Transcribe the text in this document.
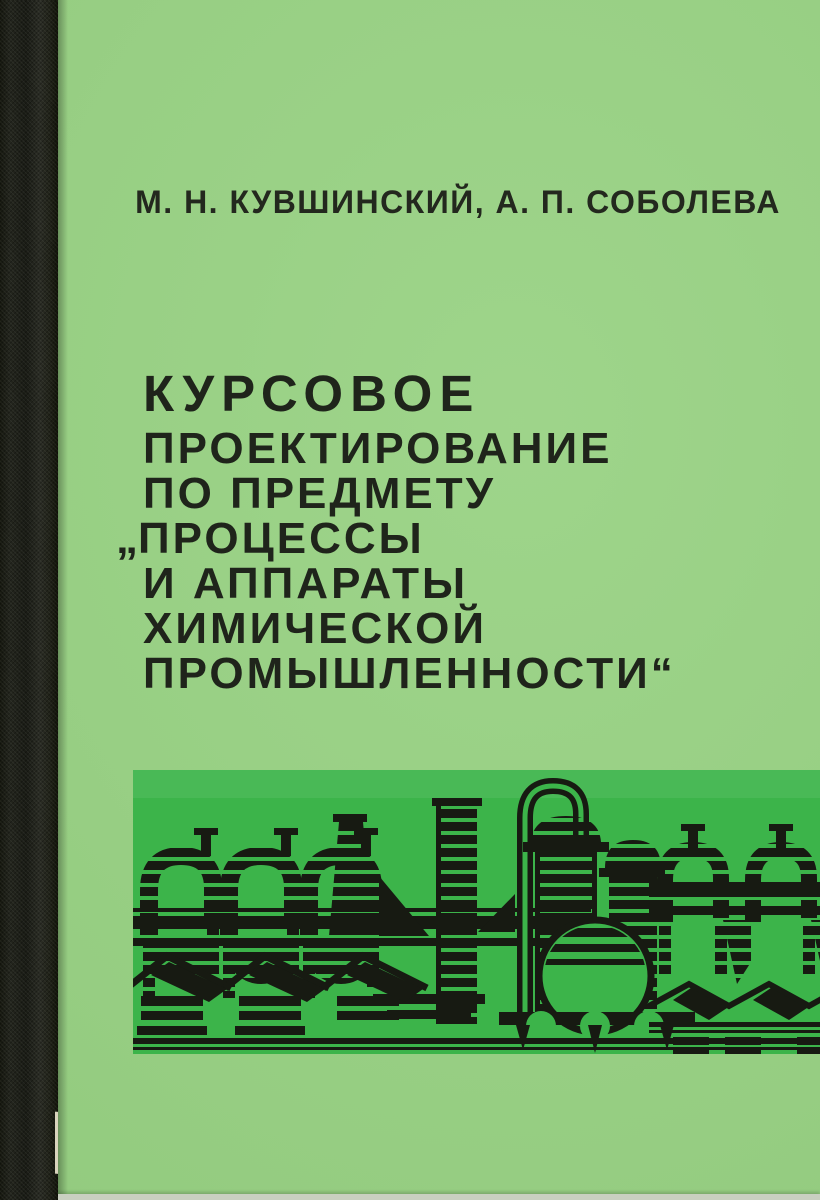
М. Н. КУВШИНСКИЙ, А. П. СОБОЛЕВА
КУРСОВОЕ
ПРОЕКТИРОВАНИЕ
ПО ПРЕДМЕТУ
„ПРОЦЕССЫ
И АППАРАТЫ
ХИМИЧЕСКОЙ
ПРОМЫШЛЕННОСТИ“
